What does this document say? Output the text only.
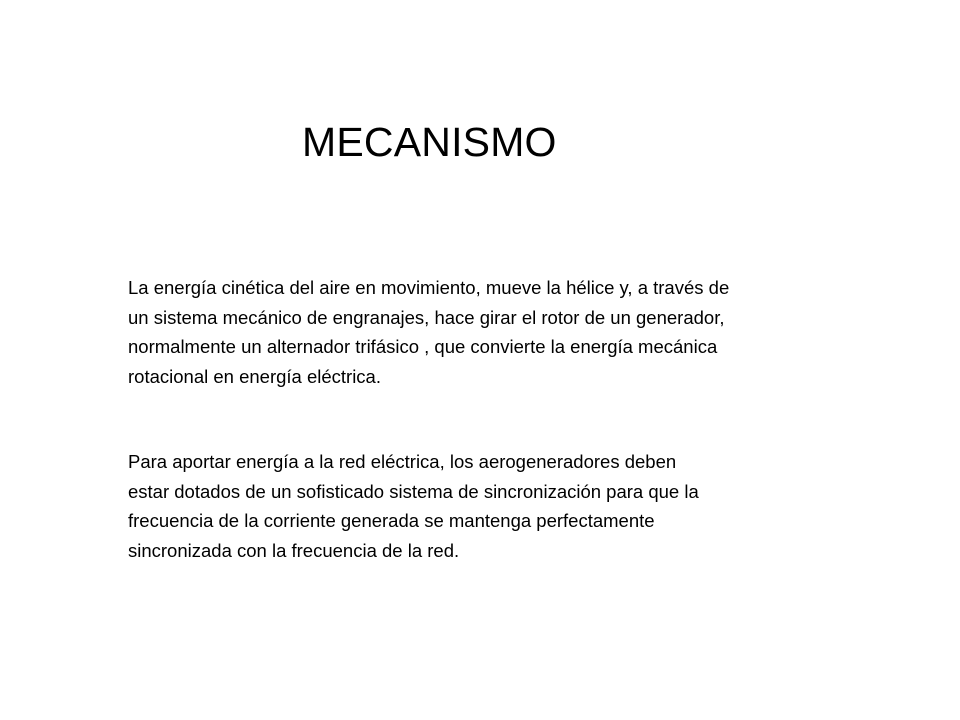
MECANISMO

La energía cinética del aire en movimiento, mueve la hélice y, a través de
un sistema mecánico de engranajes, hace girar el rotor de un generador,
normalmente un alternador trifásico , que convierte la energía mecánica
rotacional en energía eléctrica.

Para aportar energía a la red eléctrica, los aerogeneradores deben
estar dotados de un sofisticado sistema de sincronización para que la
frecuencia de la corriente generada se mantenga perfectamente
sincronizada con la frecuencia de la red.
